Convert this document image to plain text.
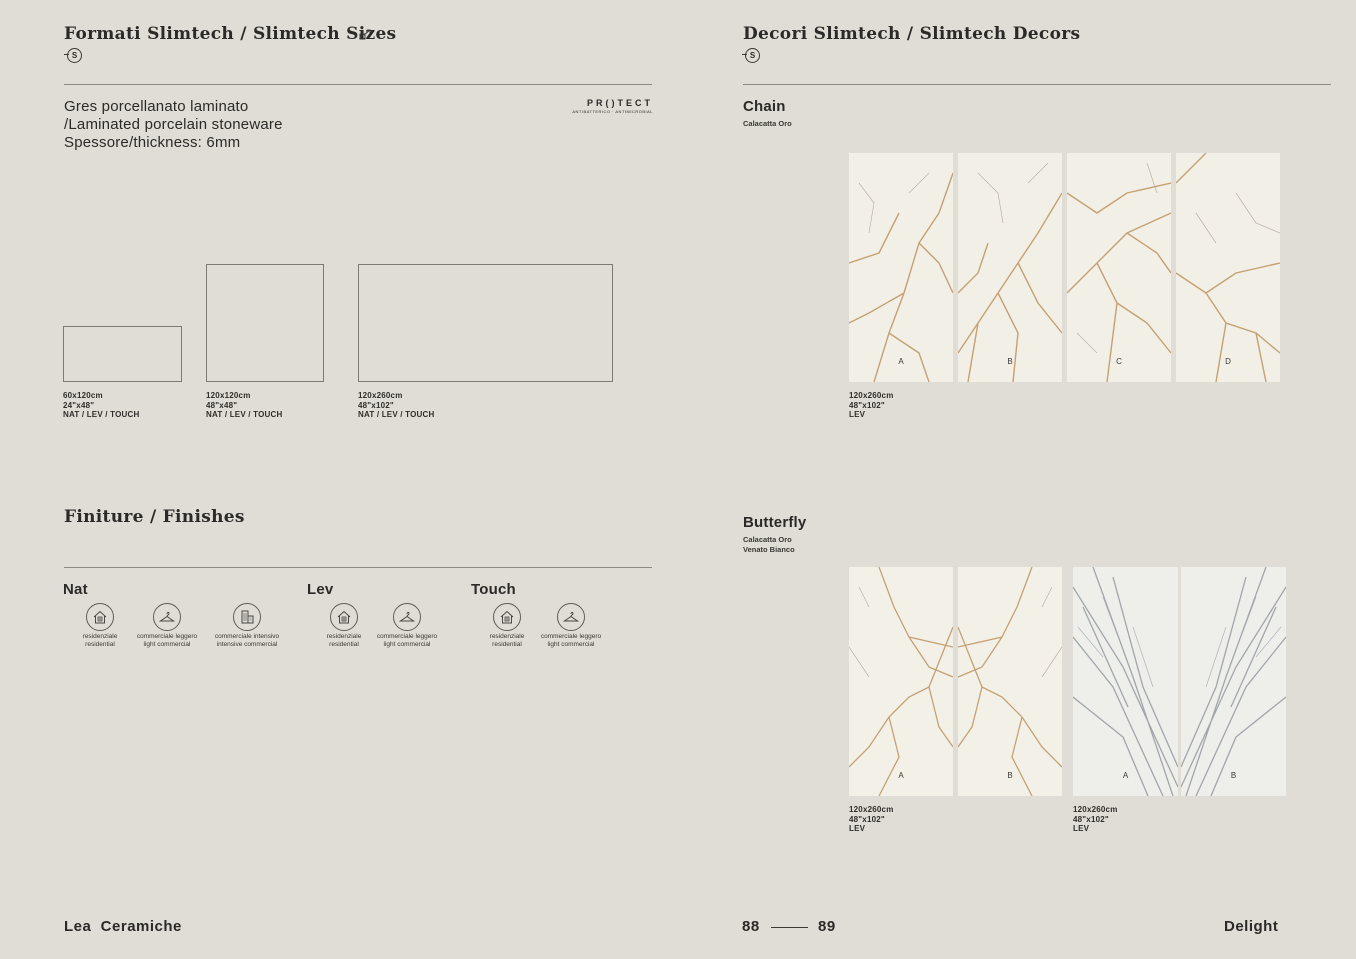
Formati Slimtech / Slimtech Sizes
S
Gres porcellanato laminato
/Laminated porcelain stoneware
Spessore/thickness: 6mm
PR()TECT
ANTIBATTERICO · ANTIMICROBIAL
60x120cm
24"x48"
NAT / LEV / TOUCH
120x120cm
48"x48"
NAT / LEV / TOUCH
120x260cm
48"x102"
NAT / LEV / TOUCH
Finiture / Finishes
Nat	Lev	Touch
residenziale
residential
commerciale leggero
light commercial
commerciale intensivo
intensive commercial
residenziale
residential
commerciale leggero
light commercial
residenziale
residential
commerciale leggero
light commercial
Decori Slimtech / Slimtech Decors
S
Chain
Calacatta Oro
A	B	C	D
120x260cm
48"x102"
LEV
Butterfly
Calacatta Oro
Venato Bianco
A	B	A	B
120x260cm
48"x102"
LEV
120x260cm
48"x102"
LEV
Lea  Ceramiche	88	89	Delight
